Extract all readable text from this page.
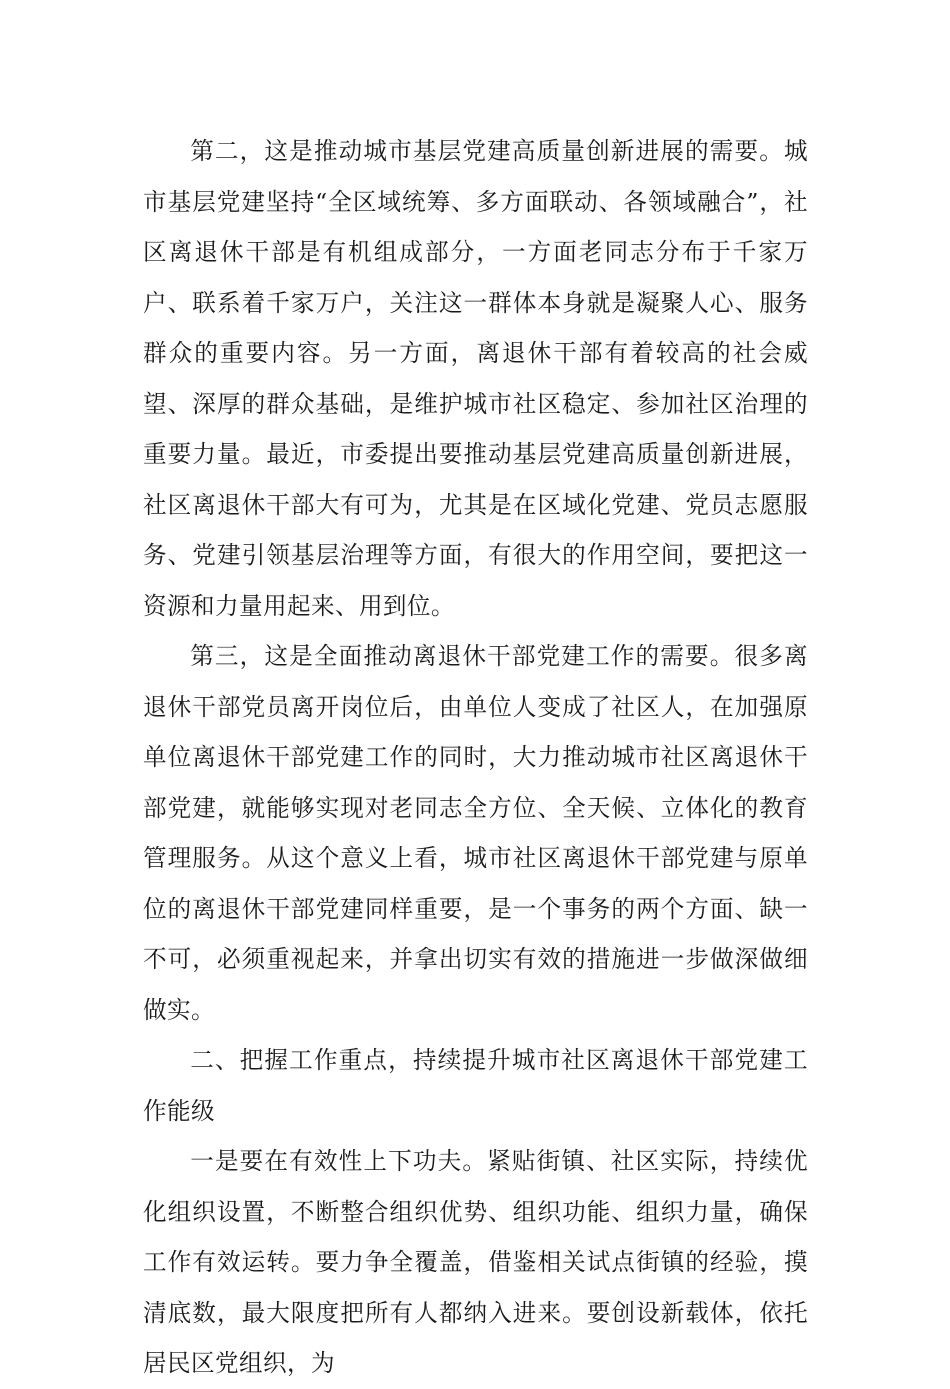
第二，这是推动城市基层党建高质量创新进展的需要。城市基层党建坚持“全区域统筹、多方面联动、各领域融合”，社区离退休干部是有机组成部分，一方面老同志分布于千家万户、联系着千家万户，关注这一群体本身就是凝聚人心、服务群众的重要内容。另一方面，离退休干部有着较高的社会威望、深厚的群众基础，是维护城市社区稳定、参加社区治理的重要力量。最近，市委提出要推动基层党建高质量创新进展，社区离退休干部大有可为，尤其是在区域化党建、党员志愿服务、党建引领基层治理等方面，有很大的作用空间，要把这一资源和力量用起来、用到位。

第三，这是全面推动离退休干部党建工作的需要。很多离退休干部党员离开岗位后，由单位人变成了社区人，在加强原单位离退休干部党建工作的同时，大力推动城市社区离退休干部党建，就能够实现对老同志全方位、全天候、立体化的教育管理服务。从这个意义上看，城市社区离退休干部党建与原单位的离退休干部党建同样重要，是一个事务的两个方面、缺一不可，必须重视起来，并拿出切实有效的措施进一步做深做细做实。

二、把握工作重点，持续提升城市社区离退休干部党建工作能级

一是要在有效性上下功夫。紧贴街镇、社区实际，持续优化组织设置，不断整合组织优势、组织功能、组织力量，确保工作有效运转。要力争全覆盖，借鉴相关试点街镇的经验，摸清底数，最大限度把所有人都纳入进来。要创设新载体，依托居民区党组织，为
